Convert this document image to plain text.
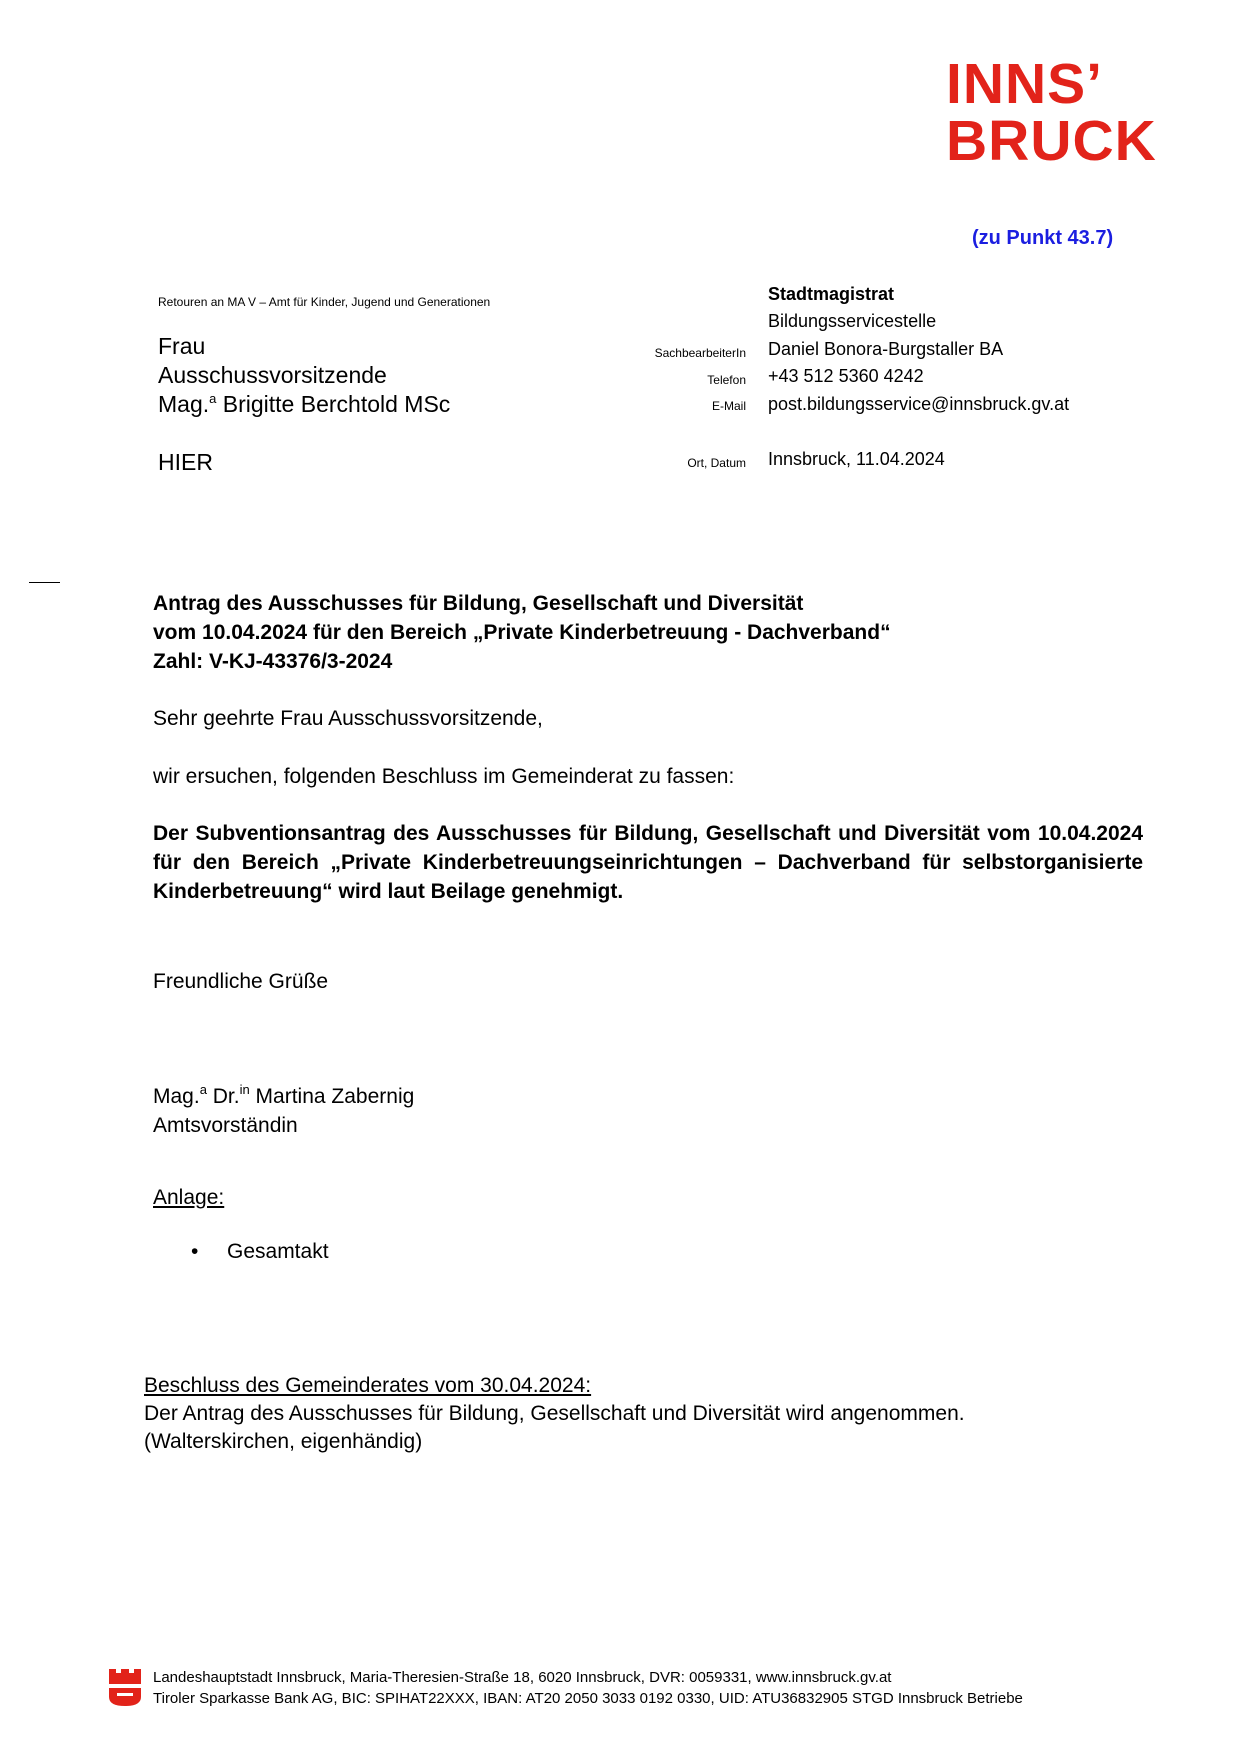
INNS’
BRUCK
(zu Punkt 43.7)
Retouren an MA V – Amt für Kinder, Jugend und Generationen
Frau
Ausschussvorsitzende
Mag.$^a$ Brigitte Berchtold MSc
HIER
Stadtmagistrat
Bildungsservicestelle
SachbearbeiterIn Daniel Bonora-Burgstaller BA
Telefon +43 512 5360 4242
E-Mail post.bildungsservice@innsbruck.gv.at
Ort, Datum Innsbruck, 11.04.2024
Antrag des Ausschusses für Bildung, Gesellschaft und Diversität
vom 10.04.2024 für den Bereich „Private Kinderbetreuung - Dachverband“
Zahl: V-KJ-43376/3-2024
Sehr geehrte Frau Ausschussvorsitzende,
wir ersuchen, folgenden Beschluss im Gemeinderat zu fassen:
Der Subventionsantrag des Ausschusses für Bildung, Gesellschaft und Diversität vom 10.04.2024 für den Bereich „Private Kinderbetreuungseinrichtungen – Dachverband für selbstorganisierte Kinderbetreuung“ wird laut Beilage genehmigt.
Freundliche Grüße
Mag.$^a$ Dr.$^{in}$ Martina Zabernig
Amtsvorständin
Anlage:
• Gesamtakt
Beschluss des Gemeinderates vom 30.04.2024:
Der Antrag des Ausschusses für Bildung, Gesellschaft und Diversität wird angenommen.
(Walterskirchen, eigenhändig)
Landeshauptstadt Innsbruck, Maria-Theresien-Straße 18, 6020 Innsbruck, DVR: 0059331, www.innsbruck.gv.at
Tiroler Sparkasse Bank AG, BIC: SPIHAT22XXX, IBAN: AT20 2050 3033 0192 0330, UID: ATU36832905 STGD Innsbruck Betriebe
